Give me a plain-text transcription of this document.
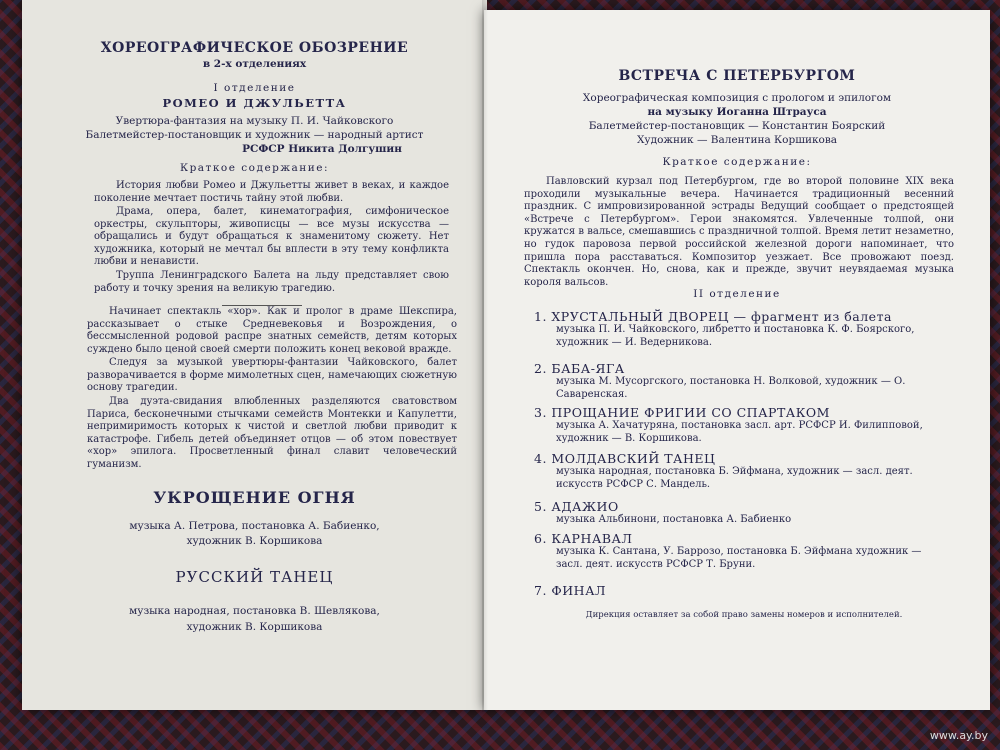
ХОРЕОГРАФИЧЕСКОЕ ОБОЗРЕНИЕ
в 2-х отделениях
I отделение
РОМЕО И ДЖУЛЬЕТТА
Увертюра-фантазия на музыку П. И. Чайковского
Балетмейстер-постановщик и художник — народный артист
РСФСР Никита Долгушин
Краткое содержание:
История любви Ромео и Джульетты живет в веках, и каждое поколение мечтает постичь тайну этой любви.
Драма, опера, балет, кинематография, симфоническое оркестры, скульпторы, живописцы — все музы искусства — обращались и будут обращаться к знаменитому сюжету. Нет художника, который не мечтал бы вплести в эту тему конфликта любви и ненависти.
Труппа Ленинградского Балета на льду представляет свою работу и точку зрения на великую трагедию.
Начинает спектакль «хор». Как и пролог в драме Шекспира, рассказывает о стыке Средневековья и Возрождения, о бессмысленной родовой распре знатных семейств, детям которых суждено было ценой своей смерти положить конец вековой вражде.
Следуя за музыкой увертюры-фантазии Чайковского, балет разворачивается в форме мимолетных сцен, намечающих сюжетную основу трагедии.
Два дуэта-свидания влюбленных разделяются сватовством Париса, бесконечными стычками семейств Монтекки и Капулетти, непримиримость которых к чистой и светлой любви приводит к катастрофе. Гибель детей объединяет отцов — об этом повествует «хор» эпилога. Просветленный финал славит человеческий гуманизм.
УКРОЩЕНИЕ ОГНЯ
музыка А. Петрова, постановка А. Бабиенко,
художник В. Коршикова
РУССКИЙ ТАНЕЦ
музыка народная, постановка В. Шевлякова,
художник В. Коршикова
ВСТРЕЧА С ПЕТЕРБУРГОМ
Хореографическая композиция с прологом и эпилогом
на музыку Иоганна Штрауса
Балетмейстер-постановщик — Константин Боярский
Художник — Валентина Коршикова
Краткое содержание:
Павловский курзал под Петербургом, где во второй половине XIX века проходили музыкальные вечера. Начинается традиционный весенний праздник. С импровизированной эстрады Ведущий сообщает о предстоящей «Встрече с Петербургом». Герои знакомятся. Увлеченные толпой, они кружатся в вальсе, смешавшись с праздничной толпой. Время летит незаметно, но гудок паровоза первой российской железной дороги напоминает, что пришла пора расставаться. Композитор уезжает. Все провожают поезд. Спектакль окончен. Но, снова, как и прежде, звучит неувядаемая музыка короля вальсов.
II отделение
1. ХРУСТАЛЬНЫЙ ДВОРЕЦ — фрагмент из балета
музыка П. И. Чайковского, либретто и постановка К. Ф. Боярского, художник — И. Ведерникова.
2. БАБА-ЯГА
музыка М. Мусоргского, постановка Н. Волковой, художник — О. Саваренская.
3. ПРОЩАНИЕ ФРИГИИ СО СПАРТАКОМ
музыка А. Хачатуряна, постановка засл. арт. РСФСР И. Филипповой, художник — В. Коршикова.
4. МОЛДАВСКИЙ ТАНЕЦ
музыка народная, постановка Б. Эйфмана, художник — засл. деят. искусств РСФСР С. Мандель.
5. АДАЖИО
музыка Альбинони, постановка А. Бабиенко
6. КАРНАВАЛ
музыка К. Сантана, У. Баррозо, постановка Б. Эйфмана художник — засл. деят. искусств РСФСР Т. Бруни.
7. ФИНАЛ
Дирекция оставляет за собой право замены номеров и исполнителей.
www.ay.by
